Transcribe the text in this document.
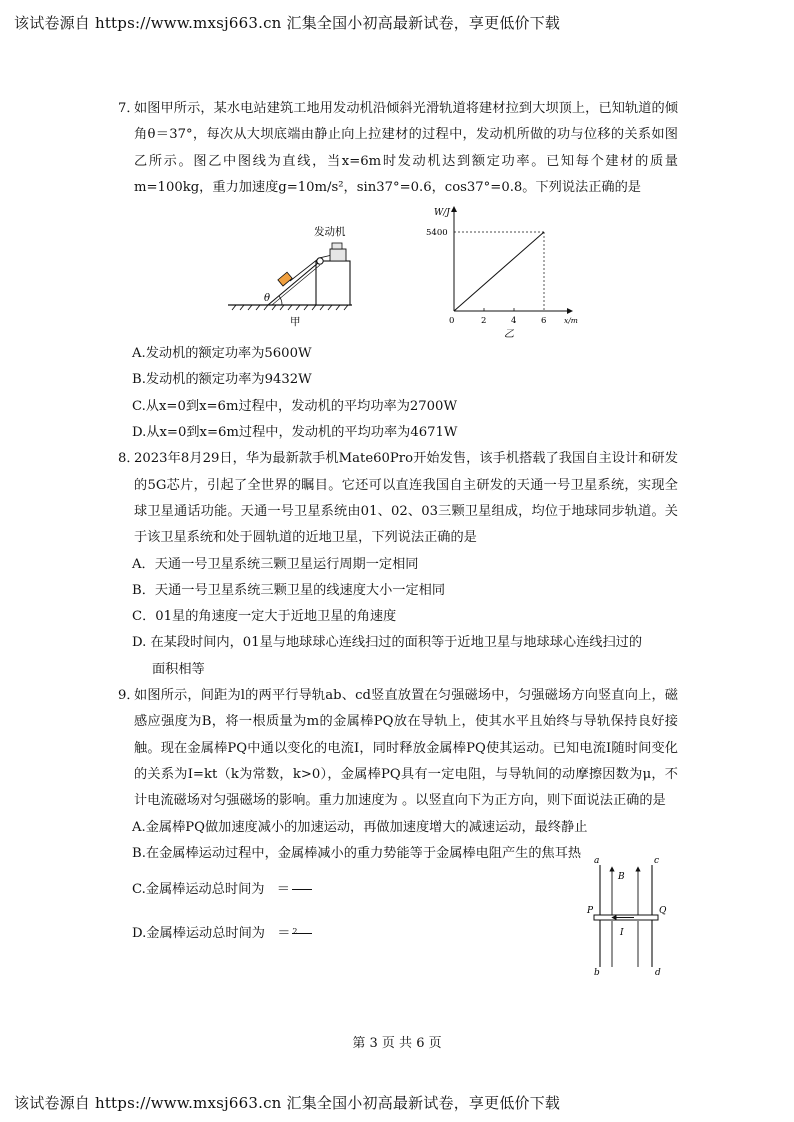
该试卷源自 https://www.mxsj663.cn 汇集全国小初高最新试卷，享更低价下载
7．
如图甲所示，某水电站建筑工地用发动机沿倾斜光滑轨道将建材拉到大坝顶上，已知轨道的倾角θ＝37°，每次从大坝底端由静止向上拉建材的过程中，发动机所做的功与位移的关系如图乙所示。图乙中图线为直线，当x=6m时发动机达到额定功率。已知每个建材的质量m=100kg，重力加速度g=10m/s²，sin37°=0.6，cos37°=0.8。下列说法正确的是
θ
发动机
甲
W/J
5400
0	2	4	6 x/m
乙
A.发动机的额定功率为5600W
B.发动机的额定功率为9432W
C.从x=0到x=6m过程中，发动机的平均功率为2700W
D.从x=0到x=6m过程中，发动机的平均功率为4671W
8．
2023年8月29日，华为最新款手机Mate60Pro开始发售，该手机搭载了我国自主设计和研发的5G芯片，引起了全世界的瞩目。它还可以直连我国自主研发的天通一号卫星系统，实现全球卫星通话功能。天通一号卫星系统由01、02、03三颗卫星组成，均位于地球同步轨道。关于该卫星系统和处于圆轨道的近地卫星，下列说法正确的是
A．天通一号卫星系统三颗卫星运行周期一定相同
B．天通一号卫星系统三颗卫星的线速度大小一定相同
C．01星的角速度一定大于近地卫星的角速度
D. 在某段时间内，01星与地球球心连线扫过的面积等于近地卫星与地球球心连线扫过的
面积相等
9．
如图所示，间距为l的两平行导轨ab、cd竖直放置在匀强磁场中，匀强磁场方向竖直向上，磁感应强度为B，将一根质量为m的金属棒PQ放在导轨上，使其水平且始终与导轨保持良好接触。现在金属棒PQ中通以变化的电流I，同时释放金属棒PQ使其运动。已知电流I随时间变化的关系为I=kt（k为常数，k>0），金属棒PQ具有一定电阻，与导轨间的动摩擦因数为μ，不计电流磁场对匀强磁场的影响。重力加速度为 。以竖直向下为正方向，则下面说法正确的是
A.金属棒PQ做加速度减小的加速运动，再做加速度增大的减速运动，最终静止
B.在金属棒运动过程中，金属棒减小的重力势能等于金属棒电阻产生的焦耳热
C.金属棒运动总时间为 ＝
D.金属棒运动总时间为 ＝ 2
a	c
b	d
P	Q
B
I
第 3 页 共 6 页
该试卷源自 https://www.mxsj663.cn 汇集全国小初高最新试卷，享更低价下载
